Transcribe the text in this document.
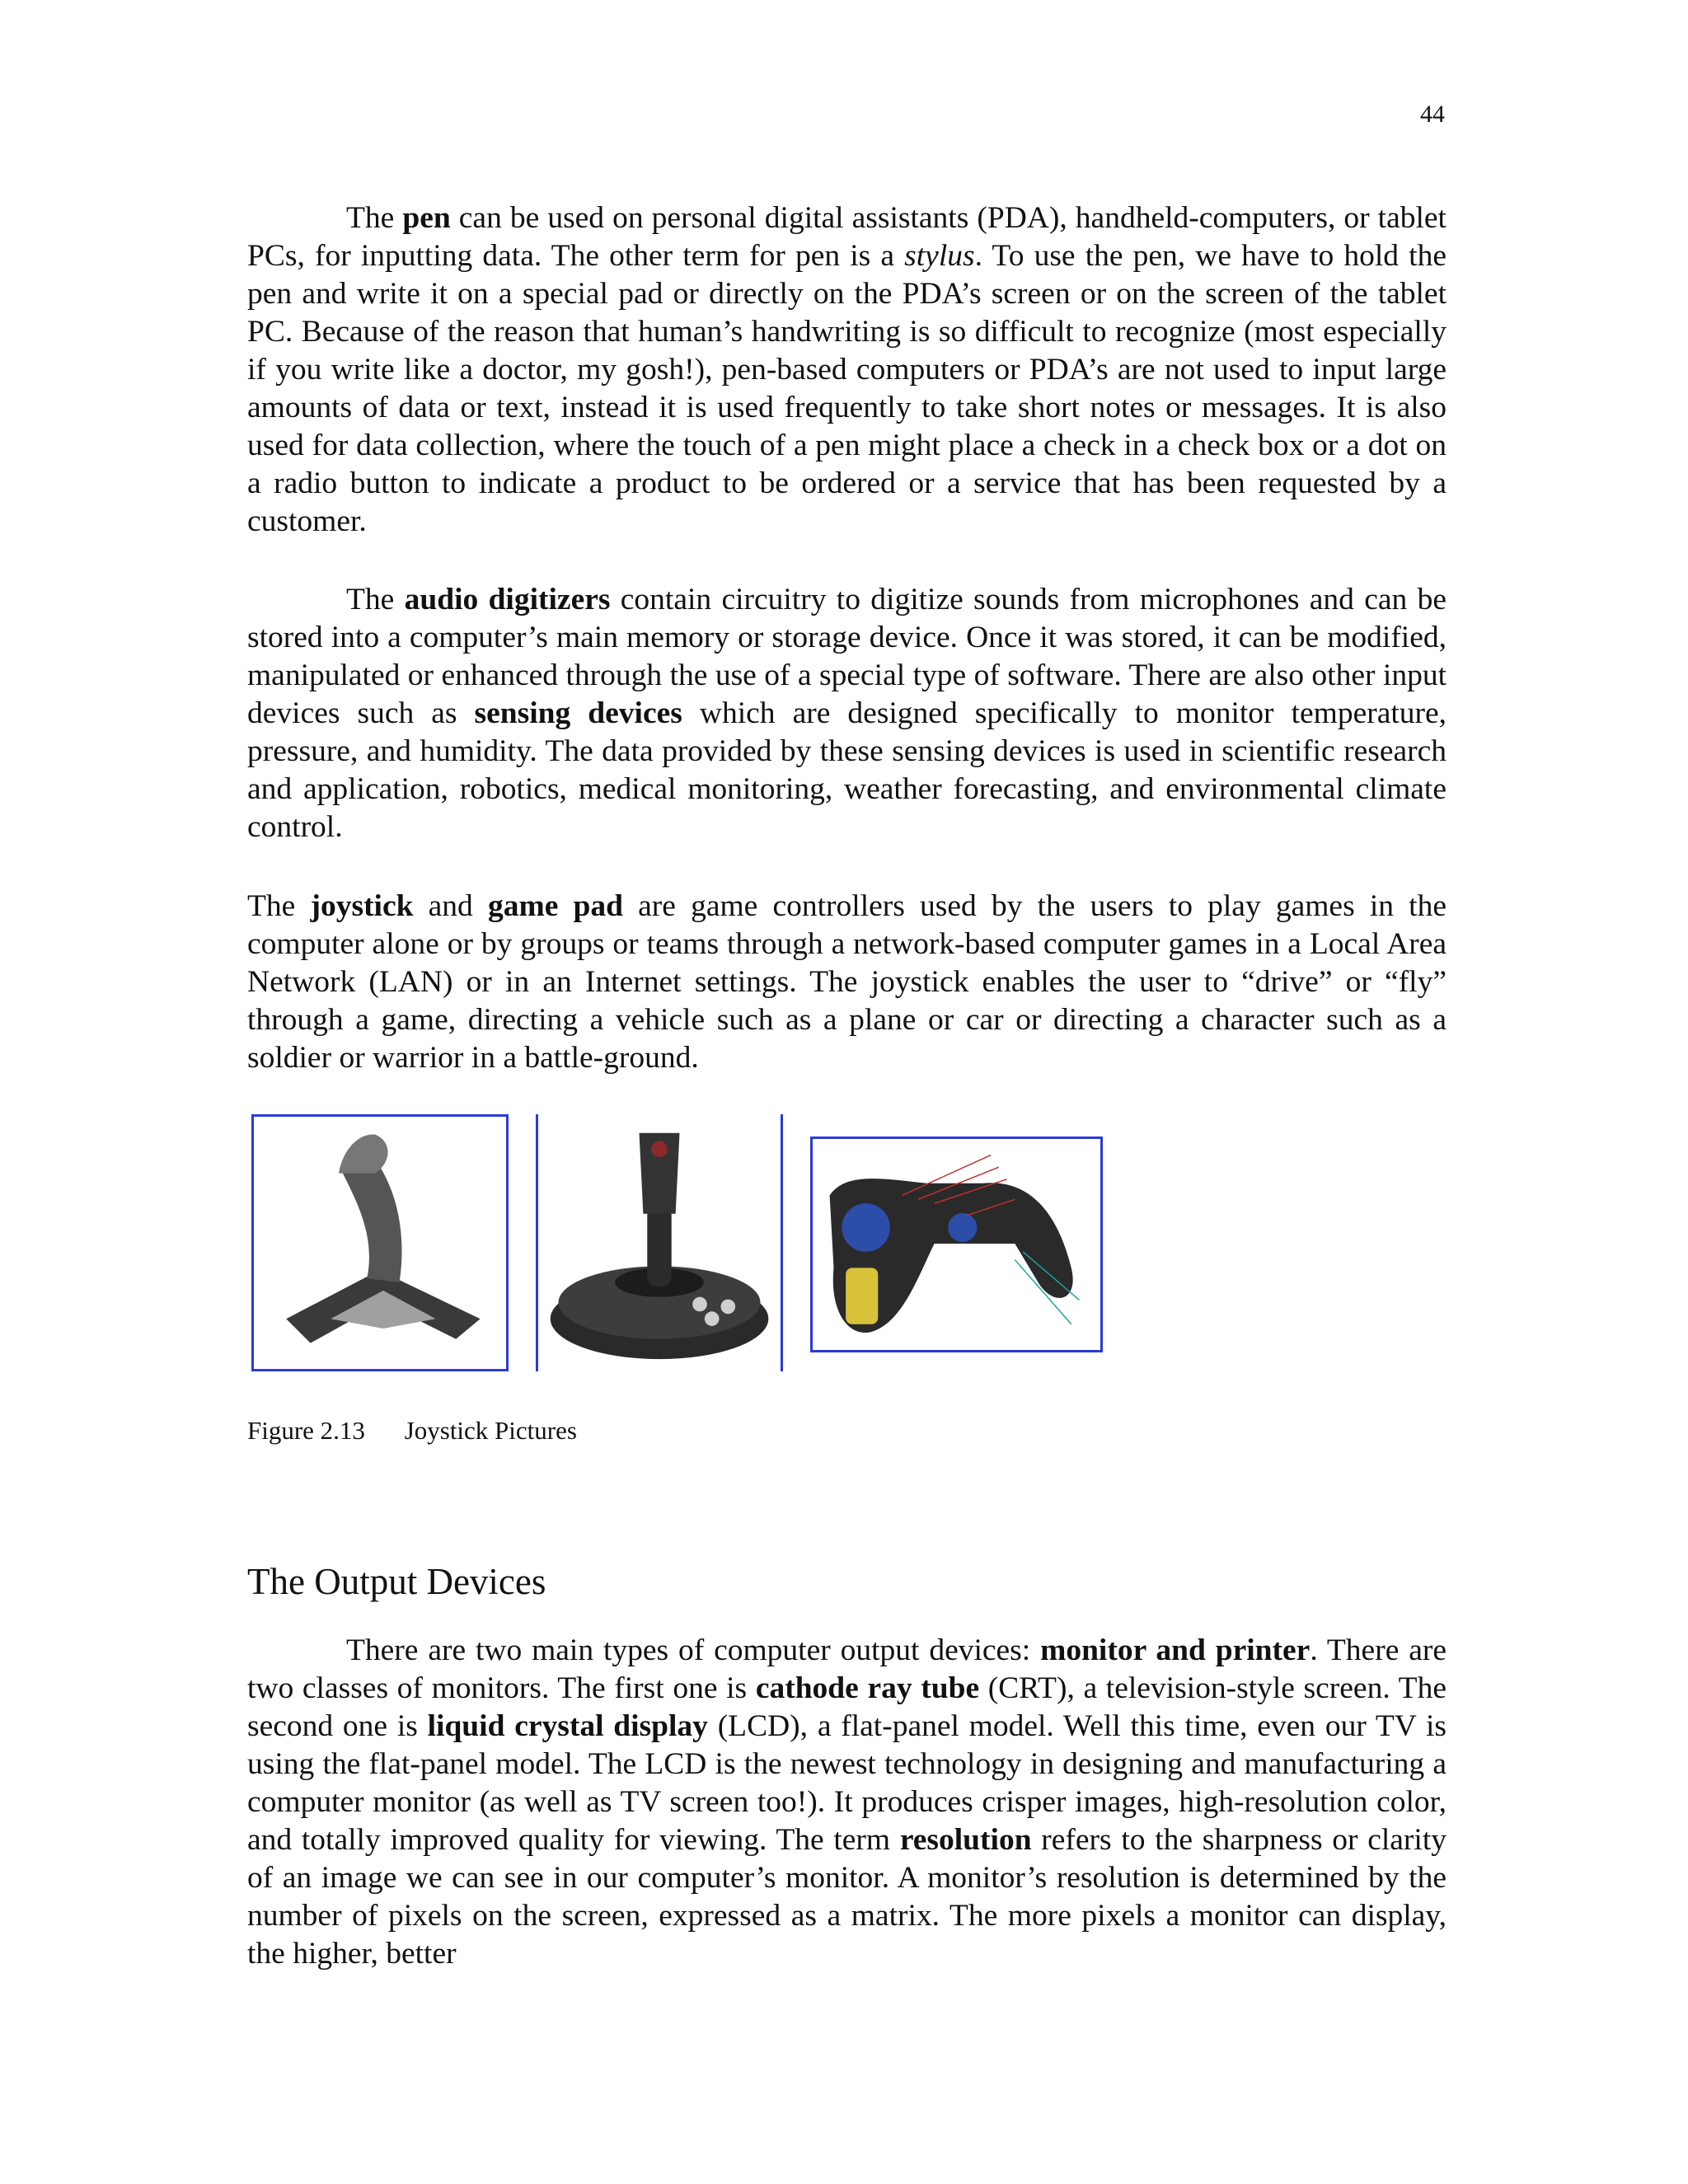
44

The pen can be used on personal digital assistants (PDA), handheld-computers, or tablet PCs, for inputting data. The other term for pen is a stylus. To use the pen, we have to hold the pen and write it on a special pad or directly on the PDA’s screen or on the screen of the tablet PC. Because of the reason that human’s handwriting is so difficult to recognize (most especially if you write like a doctor, my gosh!), pen-based computers or PDA’s are not used to input large amounts of data or text, instead it is used frequently to take short notes or messages. It is also used for data collection, where the touch of a pen might place a check in a check box or a dot on a radio button to indicate a product to be ordered or a service that has been requested by a customer.

The audio digitizers contain circuitry to digitize sounds from microphones and can be stored into a computer’s main memory or storage device. Once it was stored, it can be modified, manipulated or enhanced through the use of a special type of software. There are also other input devices such as sensing devices which are designed specifically to monitor temperature, pressure, and humidity. The data provided by these sensing devices is used in scientific research and application, robotics, medical monitoring, weather forecasting, and environmental climate control.

The joystick and game pad are game controllers used by the users to play games in the computer alone or by groups or teams through a network-based computer games in a Local Area Network (LAN) or in an Internet settings. The joystick enables the user to “drive” or “fly” through a game, directing a vehicle such as a plane or car or directing a character such as a soldier or warrior in a battle-ground.

Figure 2.13 Joystick Pictures
The Output Devices

There are two main types of computer output devices: monitor and printer. There are two classes of monitors. The first one is cathode ray tube (CRT), a television-style screen. The second one is liquid crystal display (LCD), a flat-panel model. Well this time, even our TV is using the flat-panel model. The LCD is the newest technology in designing and manufacturing a computer monitor (as well as TV screen too!). It produces crisper images, high-resolution color, and totally improved quality for viewing. The term resolution refers to the sharpness or clarity of an image we can see in our computer’s monitor. A monitor’s resolution is determined by the number of pixels on the screen, expressed as a matrix. The more pixels a monitor can display, the higher, better
